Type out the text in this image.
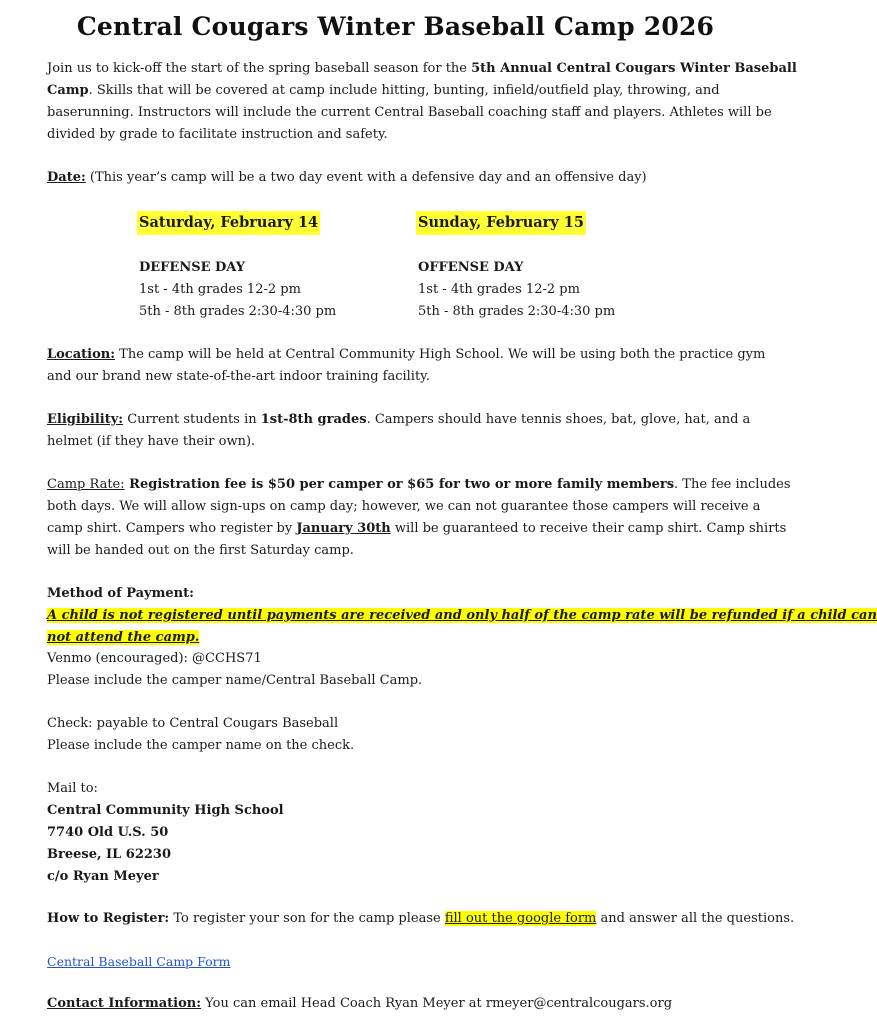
Central Cougars Winter Baseball Camp 2026
Join us to kick-off the start of the spring baseball season for the 5th Annual Central Cougars Winter Baseball
Camp. Skills that will be covered at camp include hitting, bunting, infield/outfield play, throwing, and
baserunning. Instructors will include the current Central Baseball coaching staff and players. Athletes will be
divided by grade to facilitate instruction and safety.
Date: (This year’s camp will be a two day event with a defensive day and an offensive day)
Saturday, February 14	Sunday, February 15
DEFENSE DAY
1st - 4th grades 12-2 pm
5th - 8th grades 2:30-4:30 pm
OFFENSE DAY
1st - 4th grades 12-2 pm
5th - 8th grades 2:30-4:30 pm
Location: The camp will be held at Central Community High School. We will be using both the practice gym
and our brand new state-of-the-art indoor training facility.
Eligibility: Current students in 1st-8th grades. Campers should have tennis shoes, bat, glove, hat, and a
helmet (if they have their own).
Camp Rate: Registration fee is $50 per camper or $65 for two or more family members. The fee includes
both days. We will allow sign-ups on camp day; however, we can not guarantee those campers will receive a
camp shirt. Campers who register by January 30th will be guaranteed to receive their camp shirt. Camp shirts
will be handed out on the first Saturday camp.
Method of Payment:
A child is not registered until payments are received and only half of the camp rate will be refunded if a child can
not attend the camp.
Venmo (encouraged): @CCHS71
Please include the camper name/Central Baseball Camp.
Check: payable to Central Cougars Baseball
Please include the camper name on the check.
Mail to:
Central Community High School
7740 Old U.S. 50
Breese, IL 62230
c/o Ryan Meyer
How to Register: To register your son for the camp please fill out the google form and answer all the questions.
Central Baseball Camp Form
Contact Information: You can email Head Coach Ryan Meyer at rmeyer@centralcougars.org
